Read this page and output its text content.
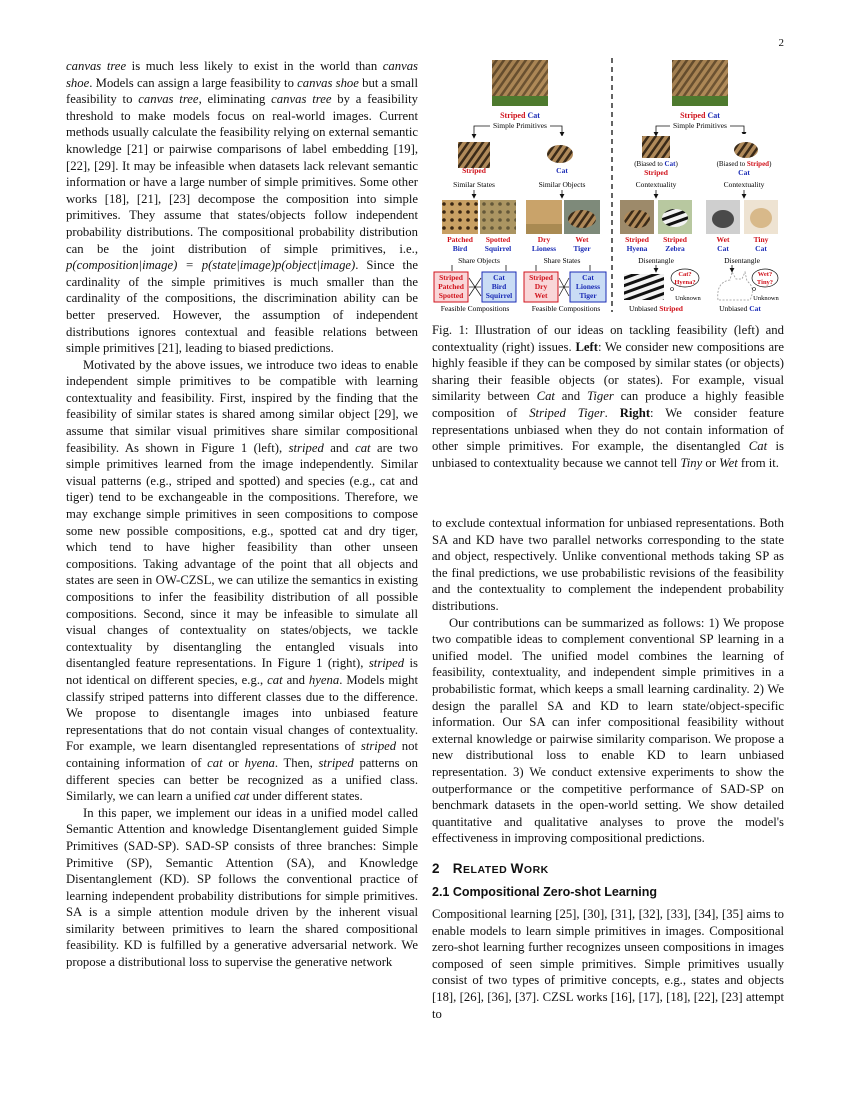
2

canvas tree is much less likely to exist in the world than canvas shoe. Models can assign a large feasibility to canvas shoe but a small feasibility to canvas tree, eliminating canvas tree by a feasibility threshold to make models focus on real-world images. Current methods usually calculate the feasibility relying on external semantic knowledge [21] or pairwise comparisons of label embedding [19], [22], [29]. It may be infeasible when datasets lack relevant semantic information or have a large number of simple primitives. Some other works [18], [21], [23] decompose the composition into simple primitives. They assume that states/objects follow independent probability distributions. The compositional probability distribution can be the joint distribution of simple primitives, i.e., p(composition|image) = p(state|image)p(object|image). Since the cardinality of the simple primitives is much smaller than the cardinality of the compositions, the discrimination ability can be better preserved. However, the assumption of independent distributions ignores contextual and feasible relations between simple primitives [21], leading to biased predictions.

Motivated by the above issues, we introduce two ideas to enable independent simple primitives to be compatible with learning contextuality and feasibility. First, inspired by the finding that the feasibility of similar states is shared among similar object [29], we assume that similar visual primitives share similar compositional feasibility. As shown in Figure 1 (left), striped and cat are two simple primitives learned from the image independently. Similar visual patterns (e.g., striped and spotted) and species (e.g., cat and tiger) tend to be exchangeable in the compositions. Therefore, we may exchange simple primitives in seen compositions to compose some new possible compositions, e.g., spotted cat and dry tiger, which tend to have higher feasibility than other unseen compositions. Taking advantage of the point that all objects and states are seen in OW-CZSL, we can utilize the semantics in existing compositions to infer the feasibility distribution of all possible compositions. Second, since it may be infeasible to simulate all visual changes of contextuality on states/objects, we tackle contextuality by disentangling the entangled visuals into disentangled feature representations. In Figure 1 (right), striped is not identical on different species, e.g., cat and hyena. Models might classify striped patterns into different classes due to the difference. We propose to disentangle images into unbiased feature representations that do not contain visual changes of contextuality. For example, we learn disentangled representations of striped not containing information of cat or hyena. Then, striped patterns on different species can better be recognized as a unified class. Similarly, we can learn a unified cat under different states.

In this paper, we implement our ideas in a unified model called Semantic Attention and knowledge Disentanglement guided Simple Primitives (SAD-SP). SAD-SP consists of three branches: Simple Primitive (SP), Semantic Attention (SA), and Knowledge Disentanglement (KD). SP follows the conventional practice of learning independent probability distributions for simple primitives. SA is a simple attention module driven by the inherent visual similarity between primitives to learn the shared compositional feasibility. KD is fulfilled by a generative adversarial network. We propose a distributional loss to supervise the generative network

Striped Cat
Simple Primitives
Striped
Similar States
Cat
Similar Objects
Patched
Bird
Spotted
Squirrel
Dry
Lioness
Wet
Tiger
Share Objects	Share States
Striped
Patched
Spotted
Cat
Bird
Squirrel
Feasible Compositions
Striped
Dry
Wet
Cat
Lioness
Tiger
Feasible Compositions
Striped Cat
Simple Primitives
(Biased to Cat)
Striped
Contextuality
(Biased to Striped)
Cat
Contextuality
Striped
Hyena
Striped
Zebra
Wet
Cat
Tiny
Cat
Disentangle	Disentangle
Cat?
Hyena?
Unknown
Unbiased Striped
Wet?
Tiny?
Unknown
Unbiased Cat

Fig. 1: Illustration of our ideas on tackling feasibility (left) and contextuality (right) issues. Left: We consider new compositions are highly feasible if they can be composed by similar states (or objects) sharing their feasible objects (or states). For example, visual similarity between Cat and Tiger can produce a highly feasible composition of Striped Tiger. Right: We consider feature representations unbiased when they do not contain information of other simple primitives. For example, the disentangled Cat is unbiased to contextuality because we cannot tell Tiny or Wet from it.

to exclude contextual information for unbiased representations. Both SA and KD have two parallel networks corresponding to the state and object, respectively. Unlike conventional methods taking SP as the final predictions, we use probabilistic revisions of the feasibility and the contextuality to complement the independent probability distributions.

Our contributions can be summarized as follows: 1) We propose two compatible ideas to complement conventional SP learning in a unified model. The unified model combines the learning of feasibility, contextuality, and independent simple primitives in a probabilistic format, which keeps a small learning cardinality. 2) We design the parallel SA and KD to learn state/object-specific information. Our SA can infer compositional feasibility without external knowledge or pairwise similarity comparison. We propose a new distributional loss to enable KD to learn unbiased representation. 3) We conduct extensive experiments to show the outperformance or the competitive performance of SAD-SP on benchmark datasets in the open-world setting. We show detailed quantitative and qualitative analyses to prove the model's effectiveness in improving compositional predictions.

2 RELATED WORK
2.1 Compositional Zero-shot Learning

Compositional learning [25], [30], [31], [32], [33], [34], [35] aims to enable models to learn simple primitives in images. Compositional zero-shot learning further recognizes unseen compositions in images composed of seen simple primitives. Simple primitives usually consist of two types of primitive concepts, e.g., states and objects [18], [26], [36], [37]. CZSL works [16], [17], [18], [22], [23] attempt to
